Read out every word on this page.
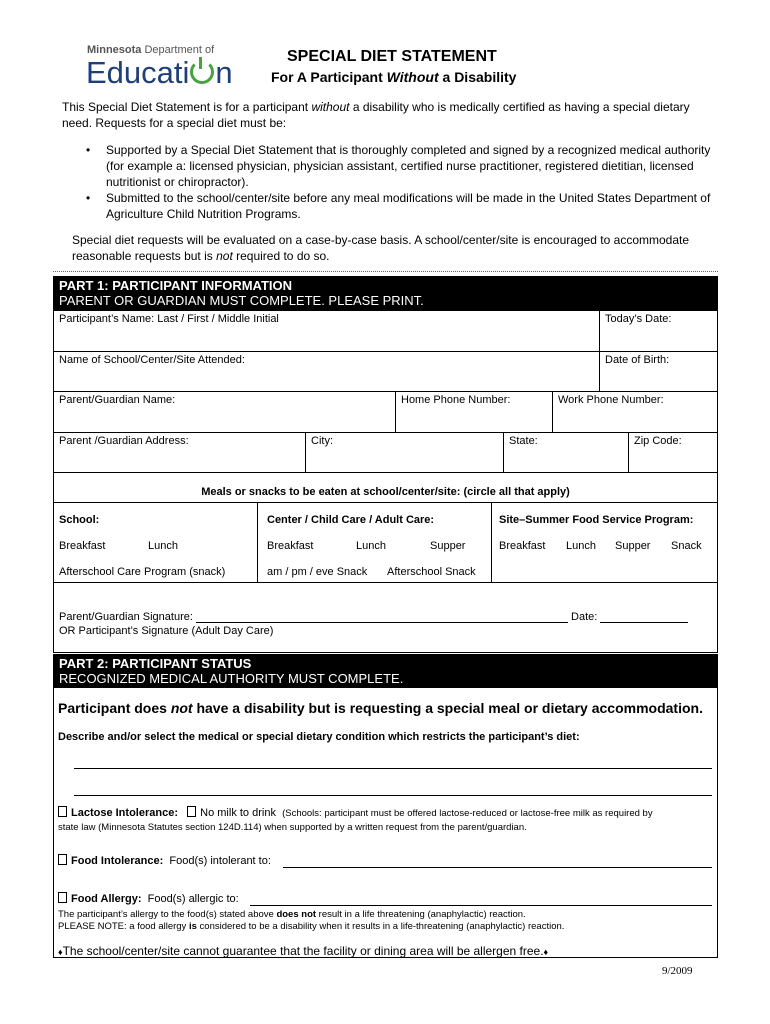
Minnesota Department of
Educati n	SPECIAL DIET STATEMENT
For A Participant Without a Disability
This Special Diet Statement is for a participant without a disability who is medically certified as having a special dietary need. Requests for a special diet must be:
• Supported by a Special Diet Statement that is thoroughly completed and signed by a recognized medical authority (for example a: licensed physician, physician assistant, certified nurse practitioner, registered dietitian, licensed nutritionist or chiropractor).
• Submitted to the school/center/site before any meal modifications will be made in the United States Department of Agriculture Child Nutrition Programs.
Special diet requests will be evaluated on a case-by-case basis. A school/center/site is encouraged to accommodate reasonable requests but is not required to do so.
PART 1: PARTICIPANT INFORMATION
PARENT OR GUARDIAN MUST COMPLETE. PLEASE PRINT.
Participant’s Name: Last / First / Middle Initial	Today’s Date:
Name of School/Center/Site Attended:	Date of Birth:
Parent/Guardian Name:	Home Phone Number:	Work Phone Number:
Parent /Guardian Address:	City:	State:	Zip Code:
Meals or snacks to be eaten at school/center/site: (circle all that apply)
School:
Breakfast	Lunch
Afterschool Care Program (snack)
Center / Child Care / Adult Care:
Breakfast	Lunch	Supper
am / pm / eve Snack Afterschool Snack
Site–Summer Food Service Program:
Breakfast Lunch Supper Snack
Parent/Guardian Signature:	Date:
OR Participant’s Signature (Adult Day Care)
PART 2: PARTICIPANT STATUS
RECOGNIZED MEDICAL AUTHORITY MUST COMPLETE.
Participant does not have a disability but is requesting a special meal or dietary accommodation.
Describe and/or select the medical or special dietary condition which restricts the participant’s diet:
Lactose Intolerance: No milk to drink (Schools: participant must be offered lactose-reduced or lactose-free milk as required by
state law (Minnesota Statutes section 124D.114) when supported by a written request from the parent/guardian.
Food Intolerance: Food(s) intolerant to:
Food Allergy: Food(s) allergic to:
The participant’s allergy to the food(s) stated above does not result in a life threatening (anaphylactic) reaction.
PLEASE NOTE: a food allergy is considered to be a disability when it results in a life-threatening (anaphylactic) reaction.
♦The school/center/site cannot guarantee that the facility or dining area will be allergen free.♦
9/2009
